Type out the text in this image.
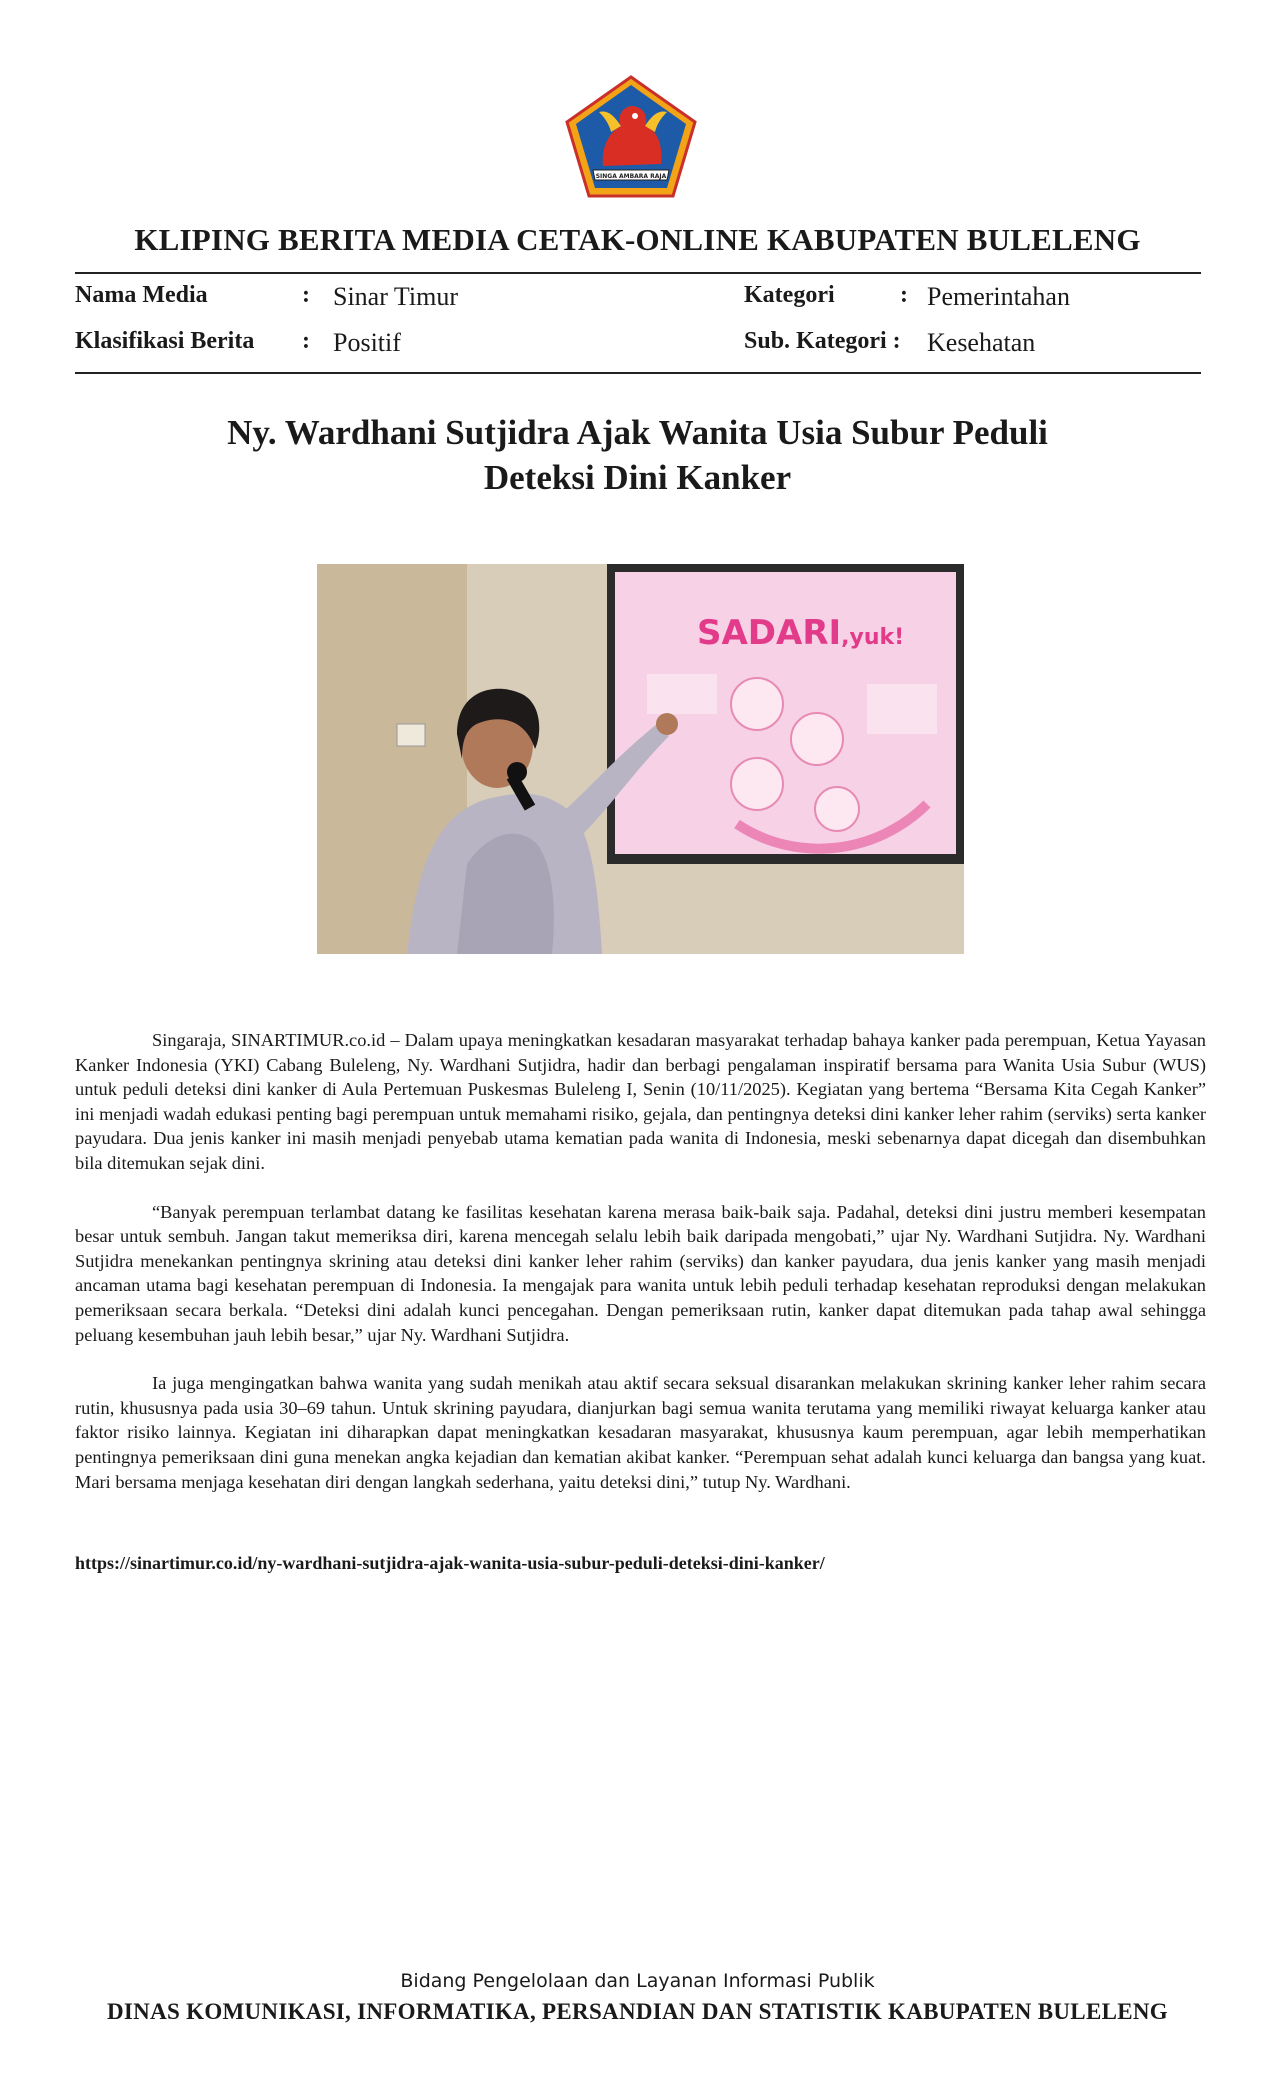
SINGA AMBARA RAJA
KLIPING BERITA MEDIA CETAK-ONLINE KABUPATEN BULELENG
Nama Media	: Sinar Timur
Klasifikasi Berita : Positif
Kategori	: Pemerintahan
Sub. Kategori : Kesehatan
Ny. Wardhani Sutjidra Ajak Wanita Usia Subur Peduli
Deteksi Dini Kanker
SADARI,yuk!

Singaraja, SINARTIMUR.co.id – Dalam upaya meningkatkan kesadaran masyarakat terhadap bahaya kanker pada perempuan, Ketua Yayasan Kanker Indonesia (YKI) Cabang Buleleng, Ny. Wardhani Sutjidra, hadir dan berbagi pengalaman inspiratif bersama para Wanita Usia Subur (WUS) untuk peduli deteksi dini kanker di Aula Pertemuan Puskesmas Buleleng I, Senin (10/11/2025). Kegiatan yang bertema “Bersama Kita Cegah Kanker” ini menjadi wadah edukasi penting bagi perempuan untuk memahami risiko, gejala, dan pentingnya deteksi dini kanker leher rahim (serviks) serta kanker payudara. Dua jenis kanker ini masih menjadi penyebab utama kematian pada wanita di Indonesia, meski sebenarnya dapat dicegah dan disembuhkan bila ditemukan sejak dini.

“Banyak perempuan terlambat datang ke fasilitas kesehatan karena merasa baik-baik saja. Padahal, deteksi dini justru memberi kesempatan besar untuk sembuh. Jangan takut memeriksa diri, karena mencegah selalu lebih baik daripada mengobati,” ujar Ny. Wardhani Sutjidra. Ny. Wardhani Sutjidra menekankan pentingnya skrining atau deteksi dini kanker leher rahim (serviks) dan kanker payudara, dua jenis kanker yang masih menjadi ancaman utama bagi kesehatan perempuan di Indonesia. Ia mengajak para wanita untuk lebih peduli terhadap kesehatan reproduksi dengan melakukan pemeriksaan secara berkala. “Deteksi dini adalah kunci pencegahan. Dengan pemeriksaan rutin, kanker dapat ditemukan pada tahap awal sehingga peluang kesembuhan jauh lebih besar,” ujar Ny. Wardhani Sutjidra.

Ia juga mengingatkan bahwa wanita yang sudah menikah atau aktif secara seksual disarankan melakukan skrining kanker leher rahim secara rutin, khususnya pada usia 30–69 tahun. Untuk skrining payudara, dianjurkan bagi semua wanita terutama yang memiliki riwayat keluarga kanker atau faktor risiko lainnya. Kegiatan ini diharapkan dapat meningkatkan kesadaran masyarakat, khususnya kaum perempuan, agar lebih memperhatikan pentingnya pemeriksaan dini guna menekan angka kejadian dan kematian akibat kanker. “Perempuan sehat adalah kunci keluarga dan bangsa yang kuat. Mari bersama menjaga kesehatan diri dengan langkah sederhana, yaitu deteksi dini,” tutup Ny. Wardhani.

https://sinartimur.co.id/ny-wardhani-sutjidra-ajak-wanita-usia-subur-peduli-deteksi-dini-kanker/
Bidang Pengelolaan dan Layanan Informasi Publik
DINAS KOMUNIKASI, INFORMATIKA, PERSANDIAN DAN STATISTIK KABUPATEN BULELENG
